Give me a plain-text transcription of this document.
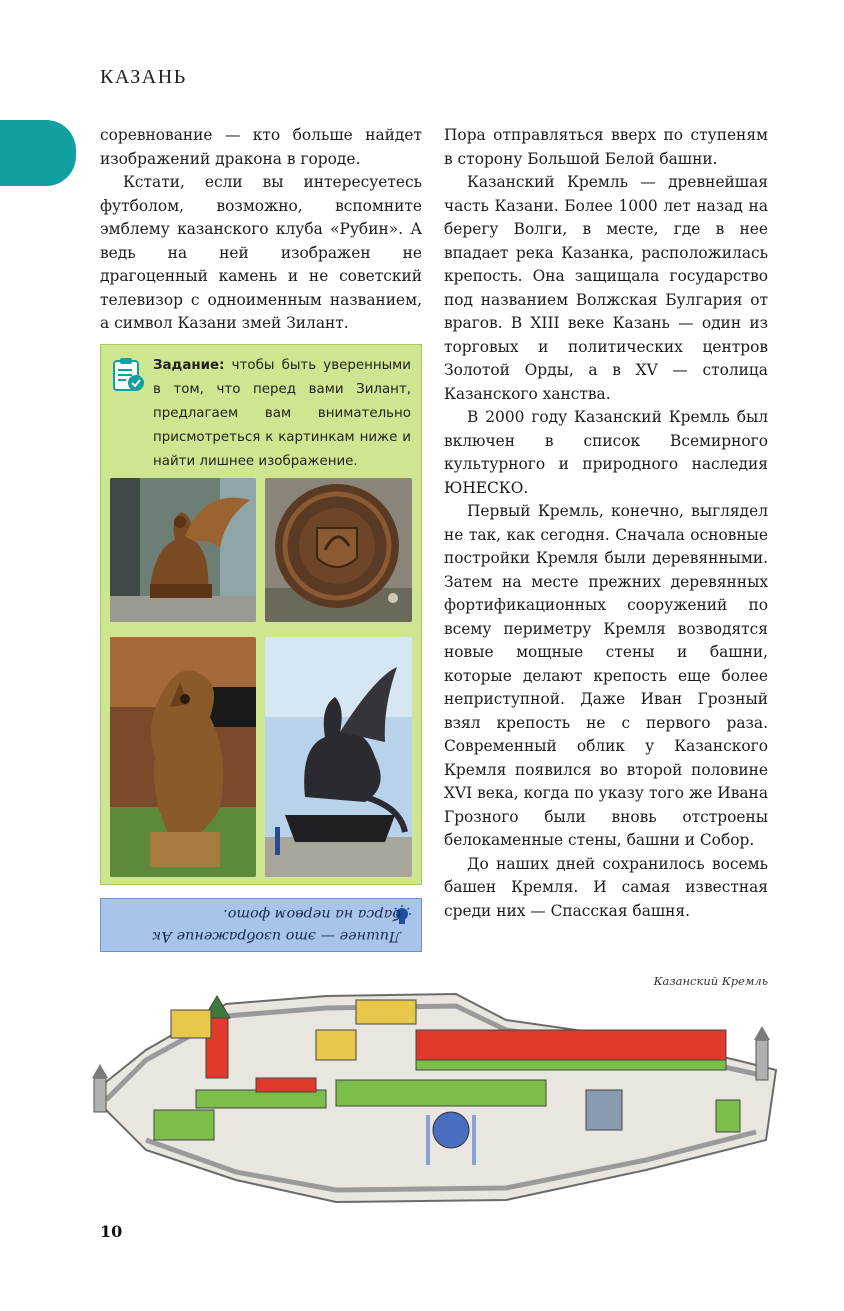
КАЗАНЬ

соревнование — кто больше найдет изображений дракона в городе.

Кстати, если вы интересуетесь футболом, возможно, вспомните эмблему казанского клуба «Рубин». А ведь на ней изображен не драгоценный камень и не советский телевизор с одноименным названием, а символ Казани змей Зилант.

Задание: чтобы быть уверенными в том, что перед вами Зилант, предлагаем вам внимательно присмотреться к картинкам ниже и найти лишнее изображение.
Лишнее — это изображение Ак барса на первом фото.

Пора отправляться вверх по ступеням в сторону Большой Белой башни.

Казанский Кремль — древнейшая часть Казани. Более 1000 лет назад на берегу Волги, в месте, где в нее впадает река Казанка, расположилась крепость. Она защищала государство под названием Волжская Булгария от врагов. В XIII веке Казань — один из торговых и политических центров Золотой Орды, а в XV — столица Казанского ханства.

В 2000 году Казанский Кремль был включен в список Всемирного культурного и природного наследия ЮНЕСКО.

Первый Кремль, конечно, выглядел не так, как сегодня. Сначала основные постройки Кремля были деревянными. Затем на месте прежних деревянных фортификационных сооружений по всему периметру Кремля возводятся новые мощные стены и башни, которые делают крепость еще более неприступной. Даже Иван Грозный взял крепость не с первого раза. Современный облик у Казанского Кремля появился во второй половине XVI века, когда по указу того же Ивана Грозного были вновь отстроены белокаменные стены, башни и Собор.

До наших дней сохранилось восемь башен Кремля. И самая известная среди них — Спасская башня.

Казанский Кремль
10
